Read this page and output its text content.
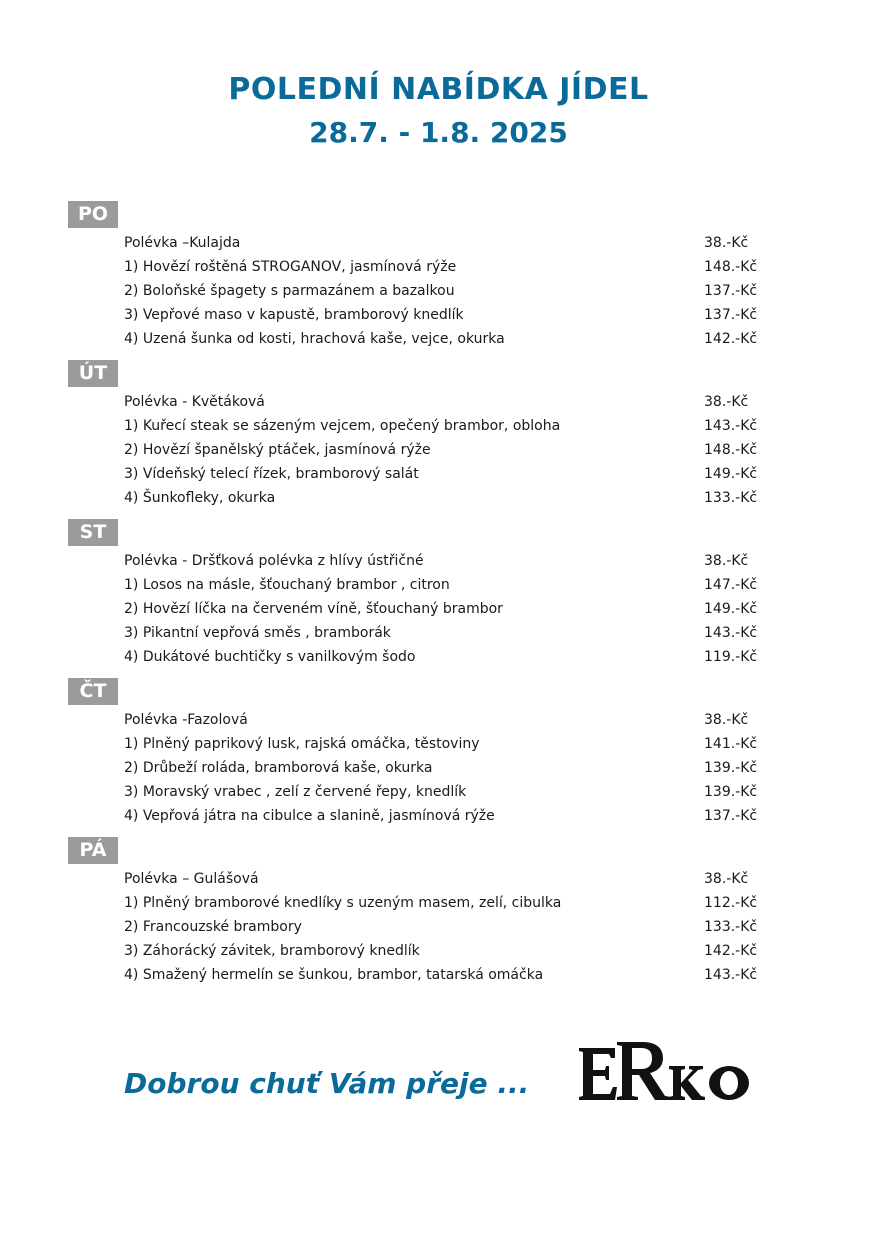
POLEDNÍ NABÍDKA JÍDEL
28.7. - 1.8. 2025
PO
Polévka –Kulajda	38.-Kč
1) Hovězí roštěná STROGANOV, jasmínová rýže	148.-Kč
2) Boloňské špagety s parmazánem a bazalkou	137.-Kč
3) Vepřové maso v kapustě, bramborový knedlík	137.-Kč
4) Uzená šunka od kosti, hrachová kaše, vejce, okurka	142.-Kč
ÚT
Polévka - Květáková	38.-Kč
1) Kuřecí steak se sázeným vejcem, opečený brambor, obloha	143.-Kč
2) Hovězí španělský ptáček, jasmínová rýže	148.-Kč
3) Vídeňský telecí řízek, bramborový salát	149.-Kč
4) Šunkofleky, okurka	133.-Kč
ST
Polévka - Dršťková polévka z hlívy ústřičné	38.-Kč
1) Losos na másle, šťouchaný brambor , citron	147.-Kč
2) Hovězí líčka na červeném víně, šťouchaný brambor	149.-Kč
3) Pikantní vepřová směs , bramborák	143.-Kč
4) Dukátové buchtičky s vanilkovým šodo	119.-Kč
ČT
Polévka -Fazolová	38.-Kč
1) Plněný paprikový lusk, rajská omáčka, těstoviny	141.-Kč
2) Drůbeží roláda, bramborová kaše, okurka	139.-Kč
3) Moravský vrabec , zelí z červené řepy, knedlík	139.-Kč
4) Vepřová játra na cibulce a slanině, jasmínová rýže	137.-Kč
PÁ
Polévka – Gulášová	38.-Kč
1) Plněný bramborové knedlíky s uzeným masem, zelí, cibulka	112.-Kč
2) Francouzské brambory	133.-Kč
3) Záhorácký závitek, bramborový knedlík	142.-Kč
4) Smažený hermelín se šunkou, brambor, tatarská omáčka	143.-Kč
Dobrou chuť Vám přeje ...
